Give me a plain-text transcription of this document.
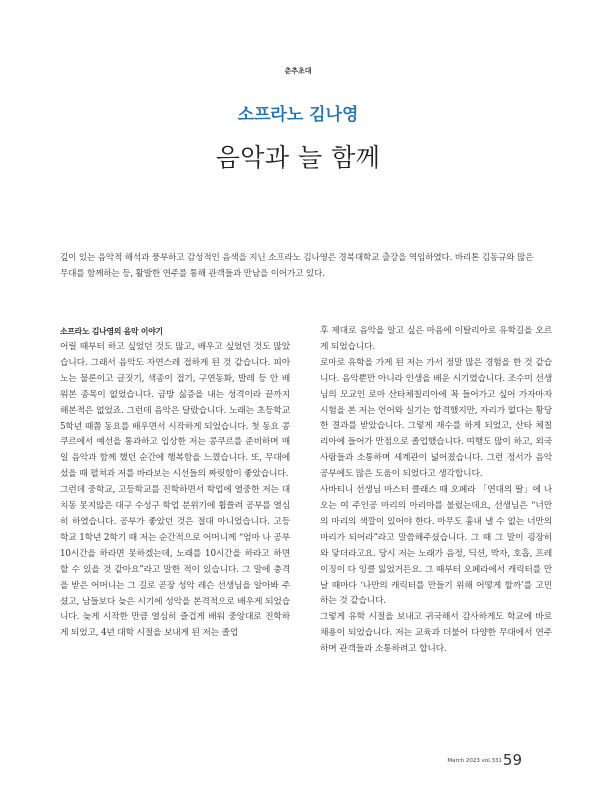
춘추초대
소프라노 김나영
음악과 늘 함께

깊이 있는 음악적 해석과 풍부하고 감성적인 음색을 지닌 소프라노 김나영은 경북대학교 출강을 역임하였다. 바리톤 김동규와 많은 무대를 함께하는 등, 활발한 연주를 통해 관객들과 만남을 이어가고 있다.

소프라노 김나영의 음악 이야기

어릴 때부터 하고 싶었던 것도 많고, 배우고 싶었던 것도 많았습니다. 그래서 음악도 자연스레 접하게 된 것 같습니다. 피아노는 물론이고 글짓기, 색종이 접기, 구연동화, 발레 등 안 배워본 종목이 없었습니다. 금방 싫증을 내는 성격이라 끝까지 해본적은 없었죠. 그런데 음악은 달랐습니다. 노래는 초등학교 5학년 때쯤 동요를 배우면서 시작하게 되었습니다. 첫 동요 콩쿠르에서 예선을 통과하고 입상한 저는 콩쿠르를 준비하며 매일 음악과 함께 했던 순간에 행복함을 느꼈습니다. 또, 무대에 섰을 때 펼쳐과 저를 바라보는 시선들의 짜릿함이 좋았습니다.

그런데 중학교, 고등학교를 진학하면서 학업에 열중한 저는 대치동 못지않은 대구 수성구 학업 분위기에 휩쓸려 공부를 열심히 하였습니다. 공부가 좋았던 것은 절대 아니었습니다. 고등학교 1학년 2학기 때 저는 순간적으로 어머니께 “엄마 나 공부 10시간을 하라면 못하겠는데, 노래를 10시간을 하라고 하면 할 수 있을 것 같아요”라고 말한 적이 있습니다. 그 말에 충격을 받은 어머니는 그 길로 곧장 성악 레슨 선생님을 알아봐 주셨고, 남들보다 늦은 시기에 성악을 본격적으로 배우게 되었습니다. 늦게 시작한 만큼 열심히 즐겁게 배워 중앙대로 진학하게 되었고, 4년 대학 시절을 보내게 된 저는 졸업

후 제대로 음악을 알고 싶은 마음에 이탈리아로 유학길을 오르게 되었습니다.

로마로 유학을 가게 된 저는 가서 정말 많은 경험을 한 것 같습니다. 음악뿐만 아니라 인생을 배운 시기였습니다. 조수미 선생님의 모교인 로마 산타체칠리아에 꼭 들어가고 싶어 가자마자 시험을 본 저는 언어와 실기는 합격했지만, 자리가 없다는 황당한 결과를 받았습니다. 그렇게 재수를 하게 되었고, 산타 체칠리아에 들어가 만점으로 졸업했습니다. 여행도 많이 하고, 외국 사람들과 소통하며 세계관이 넓어졌습니다. 그런 정서가 음악 공부에도 많은 도움이 되었다고 생각합니다.

사바티니 선생님 마스터 클래스 때 오페라 「연대의 딸」에 나오는 여 주인공 마리의 아리아를 불렀는데요, 선생님은 “너만의 마리의 색깔이 있어야 한다. 아무도 흉내 낼 수 없는 너만의 마리가 되어라”라고 말씀해주셨습니다. 그 때 그 말이 굉장히 와 닿더라고요. 당시 저는 노래가 음정, 딕션, 박자, 호흡, 프레이징이 다 잉클 잃었거든요. 그 때부터 오페라에서 캐릭터를 만날 때마다 ‘나만의 캐릭터를 만들기 위해 어떻게 할까’를 고민하는 것 같습니다.

그렇게 유학 시절을 보내고 귀국해서 감사하게도 학교에 바로 채용이 되었습니다. 저는 교육과 더불어 다양한 무대에서 연주하며 관객들과 소통하려고 합니다.

March 2023 vol.331 59
